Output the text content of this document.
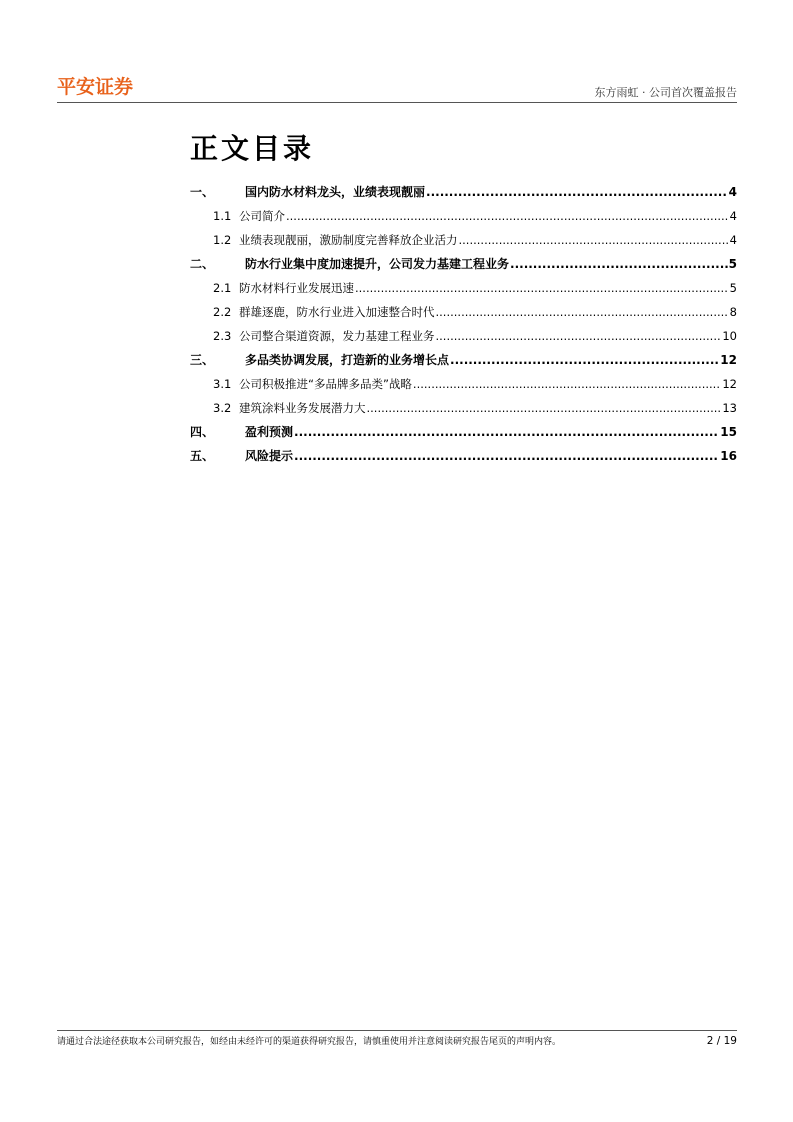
平安证券	东方雨虹 · 公司首次覆盖报告
正文目录
一、	国内防水材料龙头，业绩表现靓丽 .....	4
1.1 公司简介 .....	4
1.2 业绩表现靓丽，激励制度完善释放企业活力 .....	4
二、	防水行业集中度加速提升，公司发力基建工程业务 .....	5
2.1 防水材料行业发展迅速 .....	5
2.2 群雄逐鹿，防水行业进入加速整合时代 .....	8
2.3 公司整合渠道资源，发力基建工程业务 .....	10
三、	多品类协调发展，打造新的业务增长点 .....	12
3.1 公司积极推进“多品牌多品类”战略 .....	12
3.2 建筑涂料业务发展潜力大 .....	13
四、	盈利预测 .....	15
五、	风险提示 .....	16
请通过合法途径获取本公司研究报告，如经由未经许可的渠道获得研究报告，请慎重使用并注意阅读研究报告尾页的声明内容。	2 / 19
